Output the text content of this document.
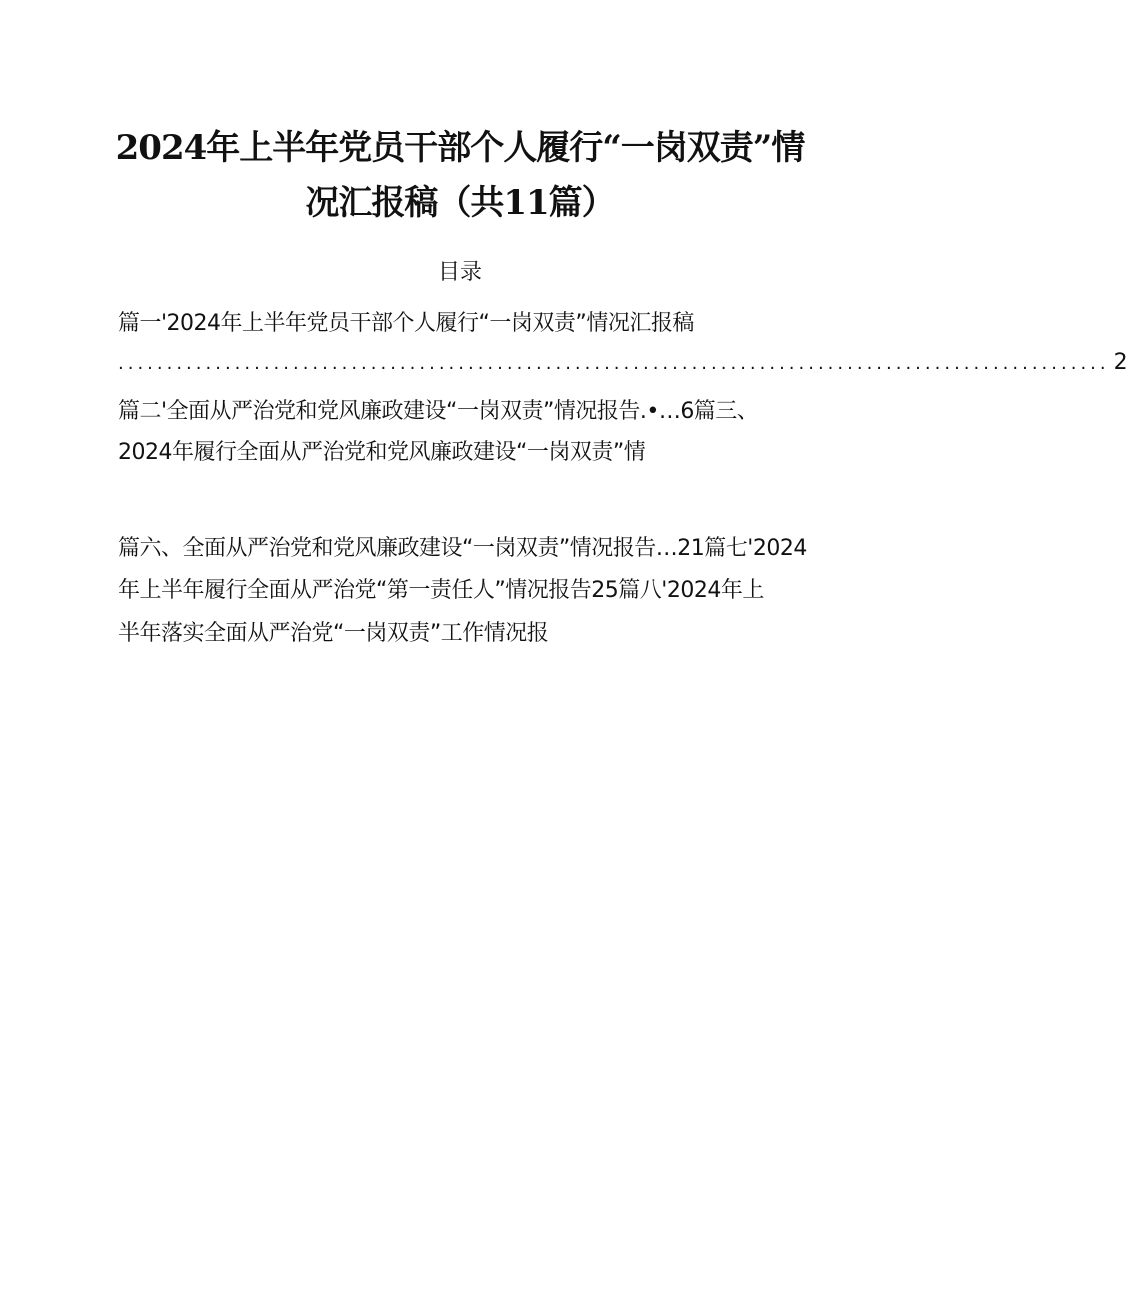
2024年上半年党员干部个人履行“一岗双责”情
况汇报稿（共11篇）
目录
篇一'2024年上半年党员干部个人履行“一岗双责”情况汇报稿
...................................................................................................... 2
篇二'全面从严治党和党风廉政建设“一岗双责”情况报告.•…6篇三、
2024年履行全面从严治党和党风廉政建设“一岗双责”情
篇六、全面从严治党和党风廉政建设“一岗双责”情况报告…21篇七'2024
年上半年履行全面从严治党“第一责任人”情况报告25篇八'2024年上
半年落实全面从严治党“一岗双责”工作情况报
